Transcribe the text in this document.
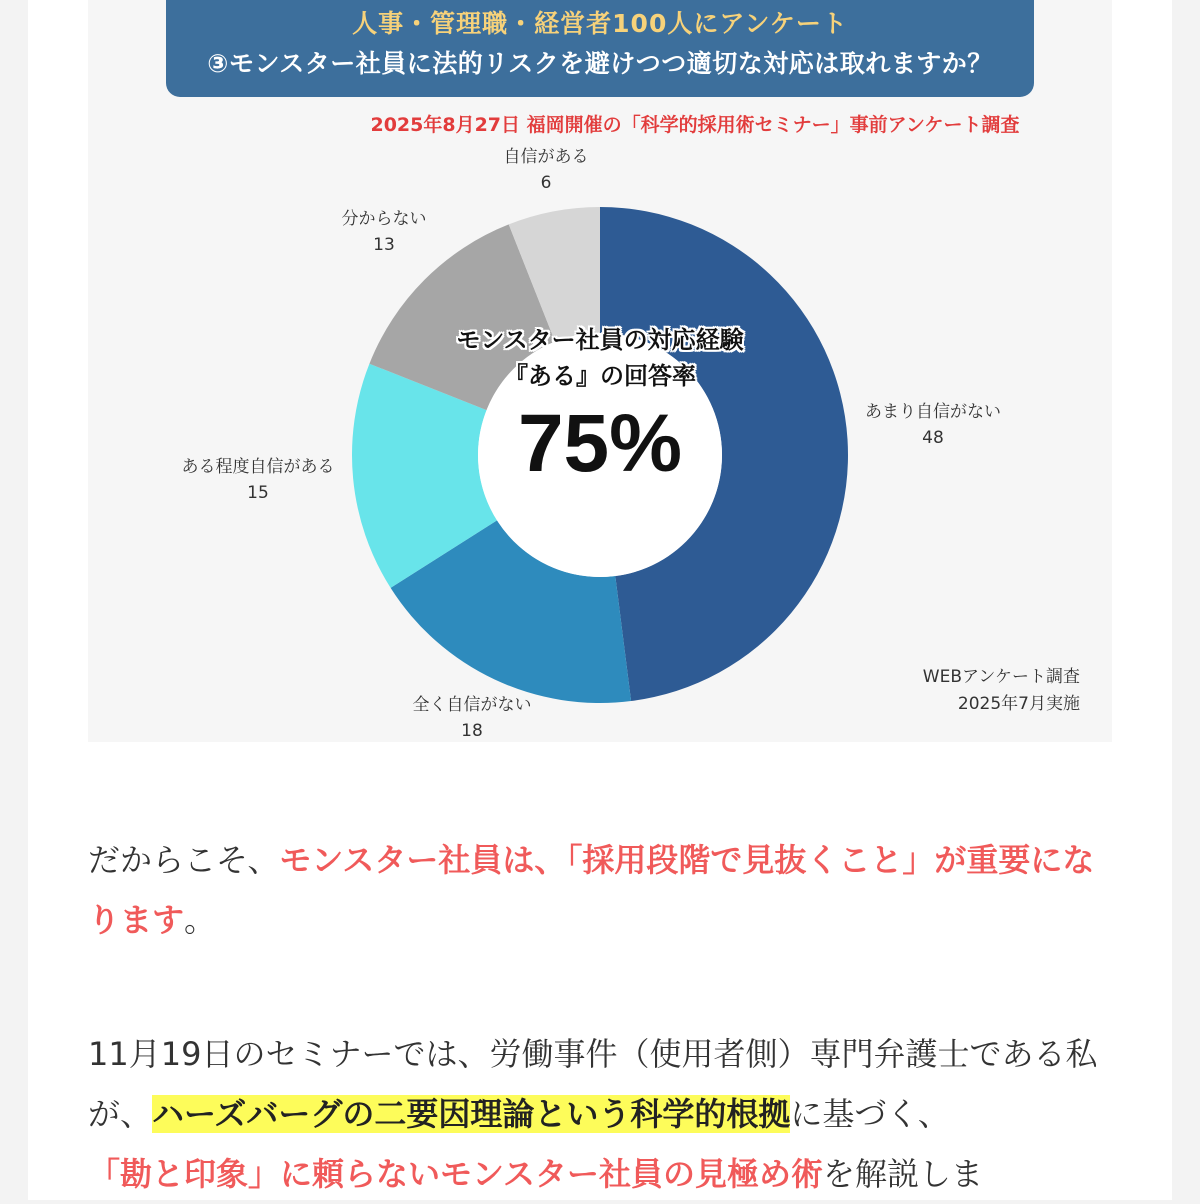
人事・管理職・経営者100人にアンケート
③モンスター社員に法的リスクを避けつつ適切な対応は取れますか？
2025年8月27日 福岡開催の「科学的採用術セミナー」事前アンケート調査
あまり自信がない
48
全く自信がない
18
ある程度自信がある
15
分からない
13
自信がある
6
モンスター社員の対応経験
『ある』の回答率
75%
WEBアンケート調査
2025年7月実施
だからこそ、モンスター社員は、「採用段階で見抜くこと」が重要になります。
11月19日のセミナーでは、労働事件（使用者側）専門弁護士である私が、ハーズバーグの二要因理論という科学的根拠に基づく、
「勘と印象」に頼らないモンスター社員の見極め術を解説しま
